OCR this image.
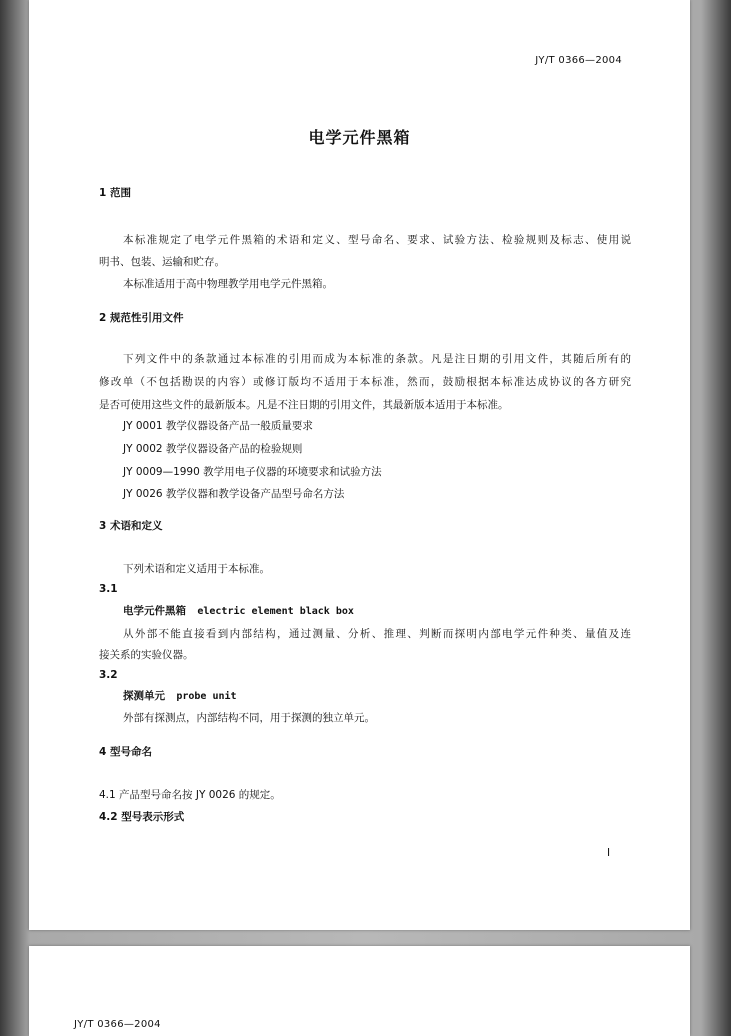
JY/T 0366—2004
电学元件黑箱
1 范围
本标准规定了电学元件黑箱的术语和定义、型号命名、要求、试验方法、检验规则及标志、使用说
明书、包装、运输和贮存。
本标准适用于高中物理教学用电学元件黑箱。
2 规范性引用文件
下列文件中的条款通过本标准的引用而成为本标准的条款。凡是注日期的引用文件，其随后所有的
修改单（不包括勘误的内容）或修订版均不适用于本标准，然而，鼓励根据本标准达成协议的各方研究
是否可使用这些文件的最新版本。凡是不注日期的引用文件，其最新版本适用于本标准。
JY 0001 教学仪器设备产品一般质量要求
JY 0002 教学仪器设备产品的检验规则
JY 0009—1990 教学用电子仪器的环境要求和试验方法
JY 0026 教学仪器和教学设备产品型号命名方法
3 术语和定义
下列术语和定义适用于本标准。
3.1
电学元件黑箱 electric element black box
从外部不能直接看到内部结构，通过测量、分析、推理、判断而探明内部电学元件种类、量值及连
接关系的实验仪器。
3.2
探测单元 probe unit
外部有探测点，内部结构不同，用于探测的独立单元。
4 型号命名
4.1 产品型号命名按 JY 0026 的规定。
4.2 型号表示形式
I
JY/T 0366—2004
